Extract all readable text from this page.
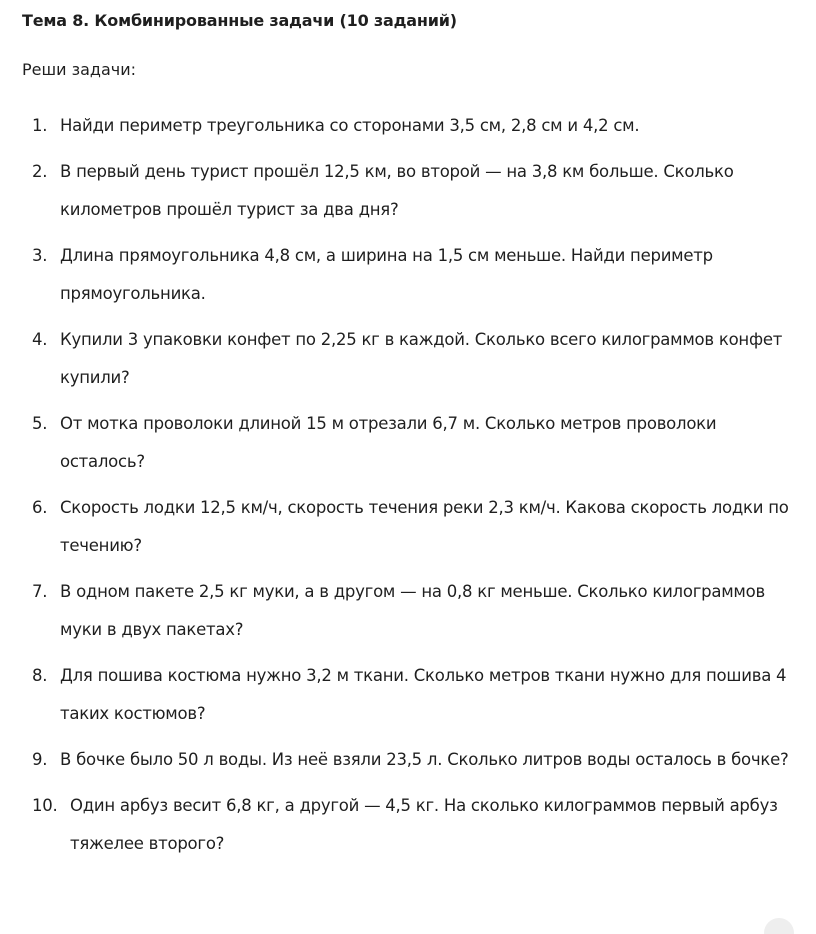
Тема 8. Комбинированные задачи (10 заданий)
Реши задачи:
1. Найди периметр треугольника со сторонами 3,5 см, 2,8 см и 4,2 см.
2. В первый день турист прошёл 12,5 км, во второй — на 3,8 км больше. Сколько километров прошёл турист за два дня?
3. Длина прямоугольника 4,8 см, а ширина на 1,5 см меньше. Найди периметр прямоугольника.
4. Купили 3 упаковки конфет по 2,25 кг в каждой. Сколько всего килограммов конфет купили?
5. От мотка проволоки длиной 15 м отрезали 6,7 м. Сколько метров проволоки осталось?
6. Скорость лодки 12,5 км/ч, скорость течения реки 2,3 км/ч. Какова скорость лодки по течению?
7. В одном пакете 2,5 кг муки, а в другом — на 0,8 кг меньше. Сколько килограммов муки в двух пакетах?
8. Для пошива костюма нужно 3,2 м ткани. Сколько метров ткани нужно для пошива 4 таких костюмов?
9. В бочке было 50 л воды. Из неё взяли 23,5 л. Сколько литров воды осталось в бочке?
10. Один арбуз весит 6,8 кг, а другой — 4,5 кг. На сколько килограммов первый арбуз тяжелее второго?
